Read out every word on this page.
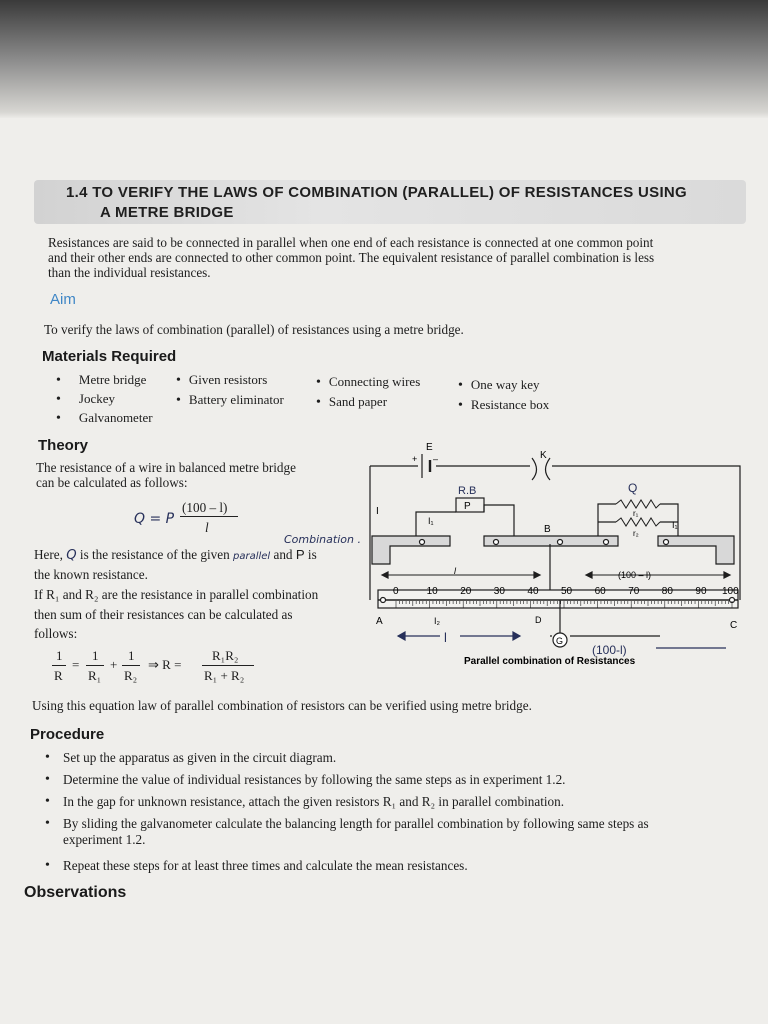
1.4 TO VERIFY THE LAWS OF COMBINATION (PARALLEL) OF RESISTANCES USING
A METRE BRIDGE
Resistances are said to be connected in parallel when one end of each resistance is connected at one common point
and their other ends are connected to other common point. The equivalent resistance of parallel combination is less
than the individual resistances.
Aim
To verify the laws of combination (parallel) of resistances using a metre bridge.
Materials Required
• Metre bridge	• Given resistors	• Connecting wires	• One way key
• Jockey	• Battery eliminator	• Sand paper	• Resistance box
• Galvanometer
Theory
The resistance of a wire in balanced metre bridge
can be calculated as follows:
Q = P
(100 – l)
l
Combination .
Here, Q is the resistance of the given parallel and P is
the known resistance.
If R₁ and R₂ are the resistance in parallel combination
then sum of their resistances can be calculated as
follows:
1
R
=
1
R₁
+
1
R₂
⇒ R =
R₁R₂
R₁ + R₂
E
+ –	K
I
I₁	I₁
R.B
P
Q
r₁
r₂
B
l	(100 – l)
A	C
I₂	D
G
l
(100-l)
Parallel combination of Resistances
0	10 20 30 40 50 60 70 80 90 100
Using this equation law of parallel combination of resistors can be verified using metre bridge.
Procedure
• Set up the apparatus as given in the circuit diagram.
• Determine the value of individual resistances by following the same steps as in experiment 1.2.
• In the gap for unknown resistance, attach the given resistors R₁ and R₂ in parallel combination.
• By sliding the galvanometer calculate the balancing length for parallel combination by following same steps as
experiment 1.2.
• Repeat these steps for at least three times and calculate the mean resistances.
Observations
